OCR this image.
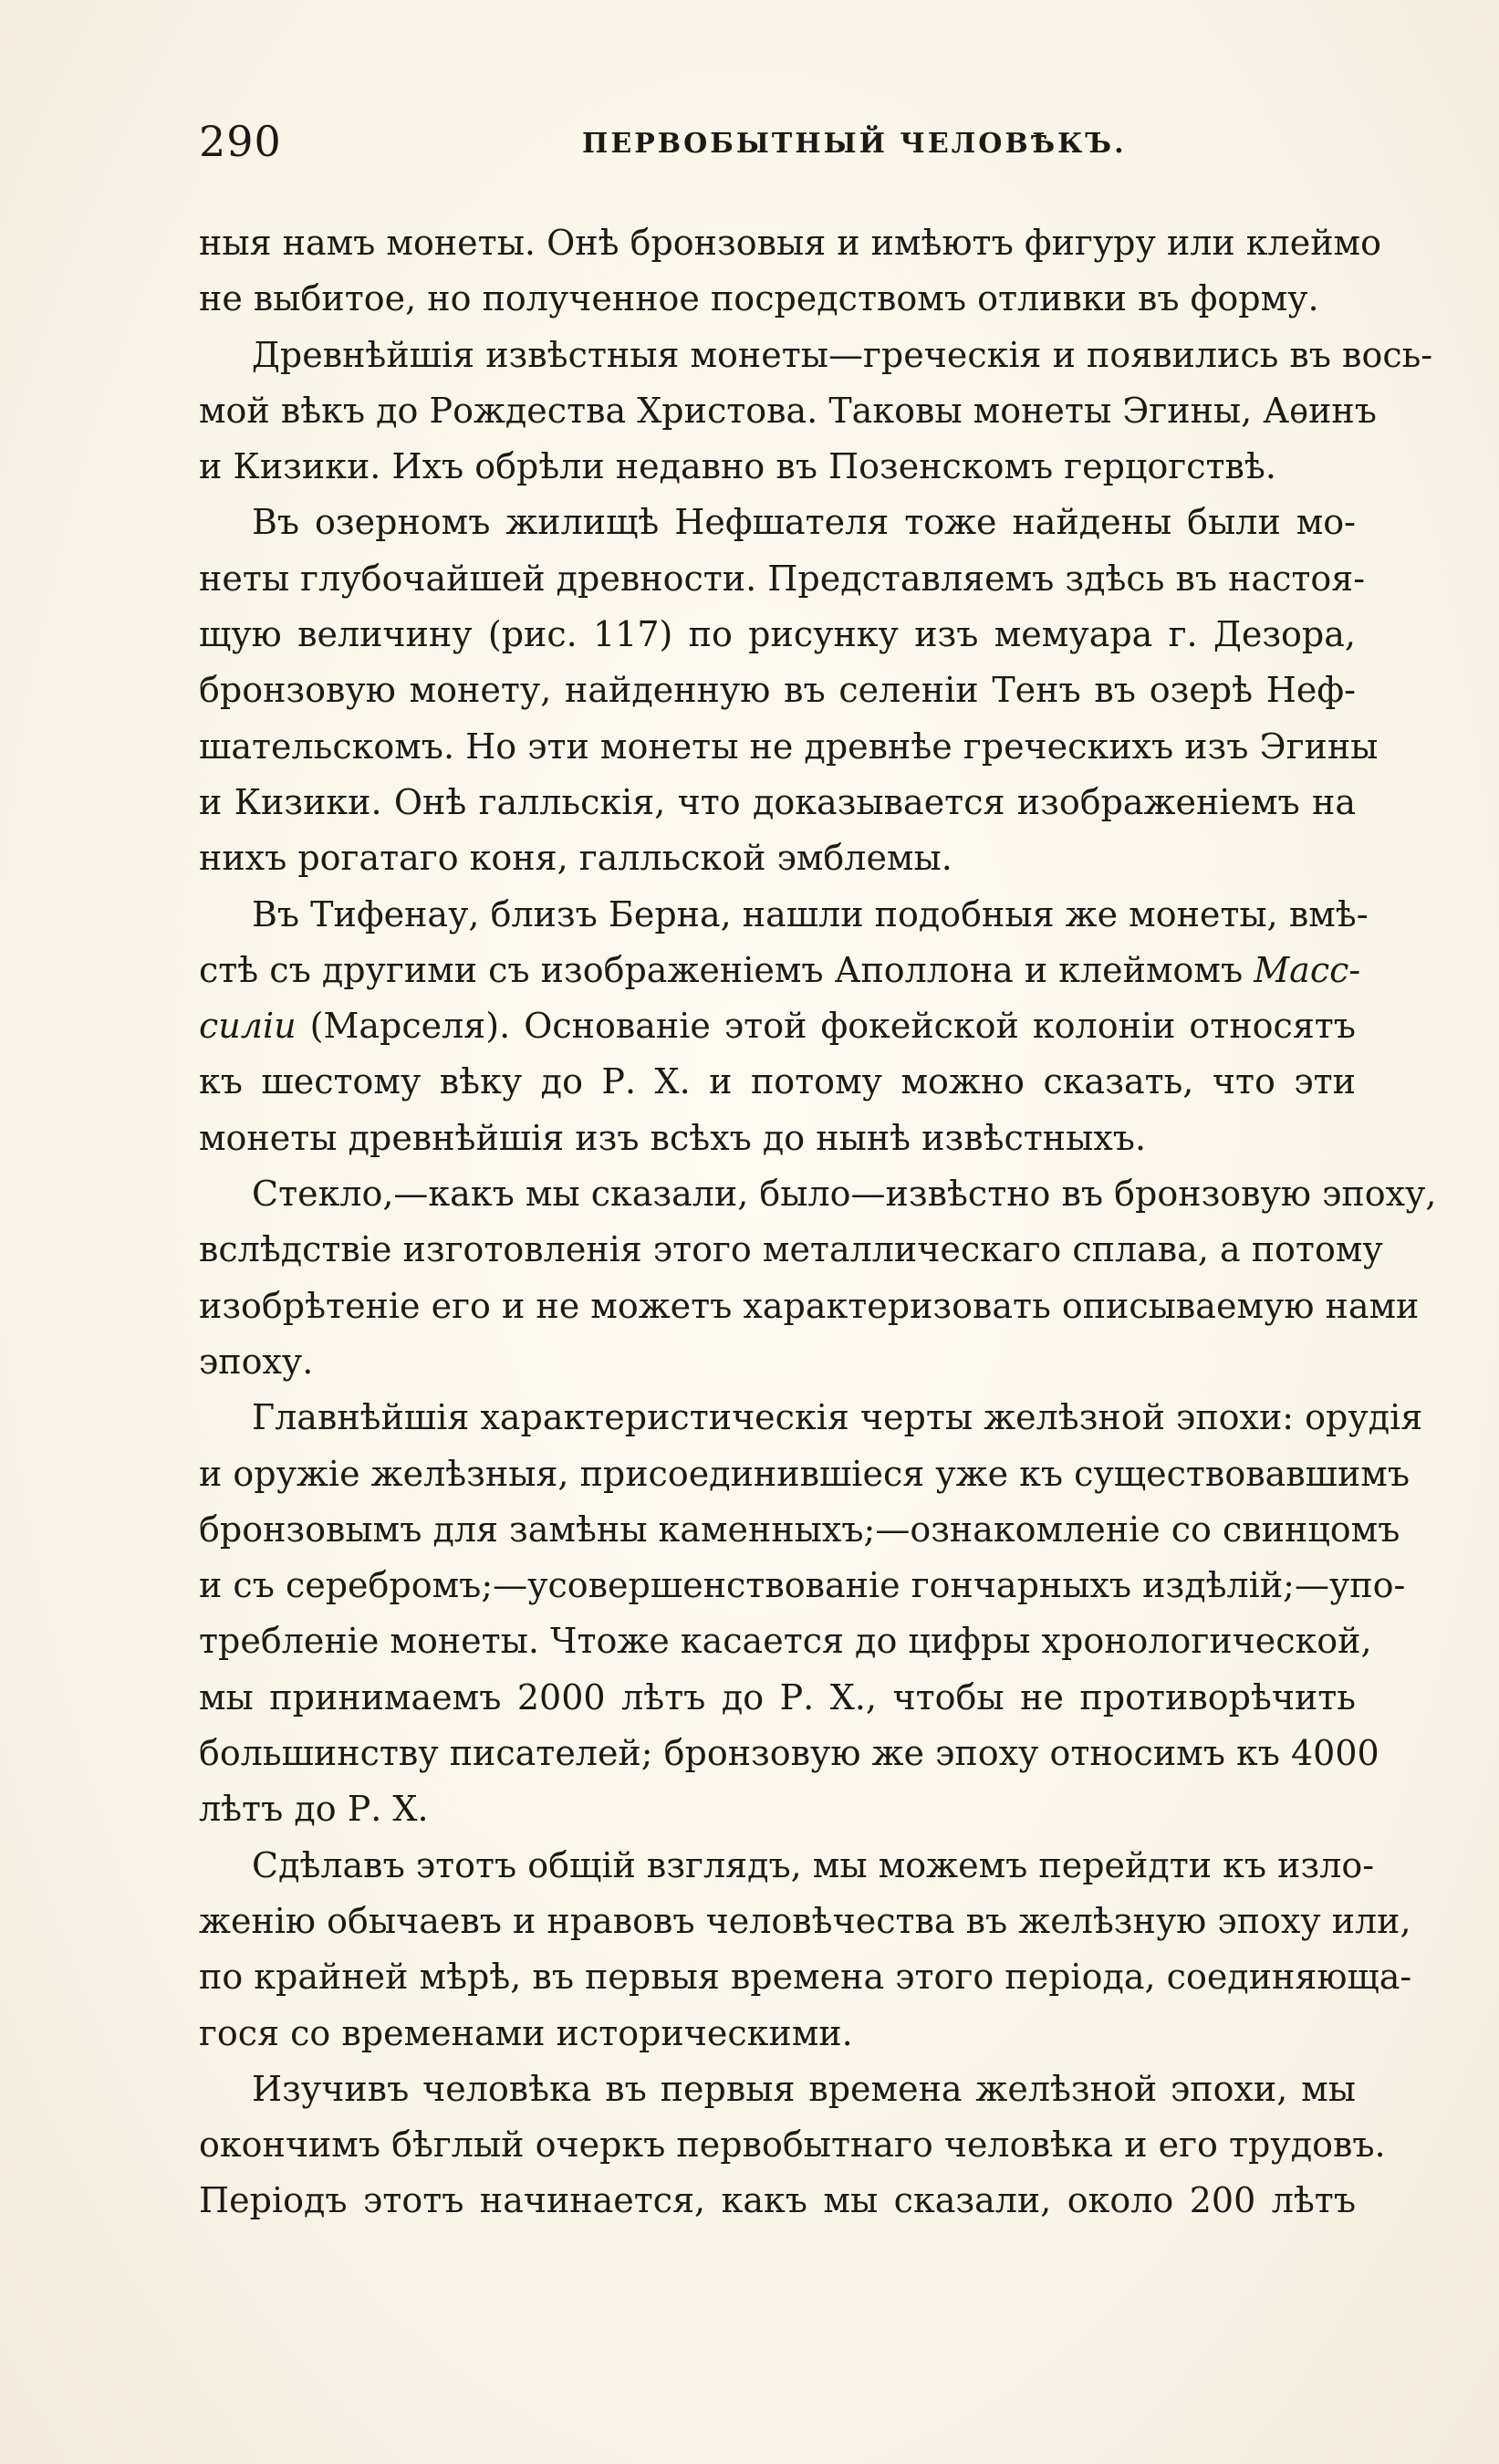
290	ПЕРВОБЫТНЫЙ ЧЕЛОВѢКЪ.
ныя намъ монеты. Онѣ бронзовыя и имѣютъ фигуру или клеймо
не выбитое, но полученное посредствомъ отливки въ форму.
Древнѣйшія извѣстныя монеты—греческія и появились въ вось-
мой вѣкъ до Рождества Христова. Таковы монеты Эгины, Аѳинъ
и Кизики. Ихъ обрѣли недавно въ Позенскомъ герцогствѣ.
Въ озерномъ жилищѣ Нефшателя тоже найдены были мо-
неты глубочайшей древности. Представляемъ здѣсь въ настоя-
щую величину (рис. 117) по рисунку изъ мемуара г. Дезора,
бронзовую монету, найденную въ селеніи Тенъ въ озерѣ Неф-
шательскомъ. Но эти монеты не древнѣе греческихъ изъ Эгины
и Кизики. Онѣ галльскія, что доказывается изображеніемъ на
нихъ рогатаго коня, галльской эмблемы.
Въ Тифенау, близъ Берна, нашли подобныя же монеты, вмѣ-
стѣ съ другими съ изображеніемъ Аполлона и клеймомъ Масс-
силіи (Марселя). Основаніе этой фокейской колоніи относятъ
къ шестому вѣку до Р. Х. и потому можно сказать, что эти
монеты древнѣйшія изъ всѣхъ до нынѣ извѣстныхъ.
Стекло,—какъ мы сказали, было—извѣстно въ бронзовую эпоху,
вслѣдствіе изготовленія этого металлическаго сплава, а потому
изобрѣтеніе его и не можетъ характеризовать описываемую нами
эпоху.
Главнѣйшія характеристическія черты желѣзной эпохи: орудія
и оружіе желѣзныя, присоединившіеся уже къ существовавшимъ
бронзовымъ для замѣны каменныхъ;—ознакомленіе со свинцомъ
и съ серебромъ;—усовершенствованіе гончарныхъ издѣлій;—упо-
требленіе монеты. Чтоже касается до цифры хронологической,
мы принимаемъ 2000 лѣтъ до Р. Х., чтобы не противорѣчить
большинству писателей; бронзовую же эпоху относимъ къ 4000
лѣтъ до Р. Х.
Сдѣлавъ этотъ общій взглядъ, мы можемъ перейдти къ изло-
женію обычаевъ и нравовъ человѣчества въ желѣзную эпоху или,
по крайней мѣрѣ, въ первыя времена этого періода, соединяюща-
гося со временами историческими.
Изучивъ человѣка въ первыя времена желѣзной эпохи, мы
окончимъ бѣглый очеркъ первобытнаго человѣка и его трудовъ.
Періодъ этотъ начинается, какъ мы сказали, около 200 лѣтъ
